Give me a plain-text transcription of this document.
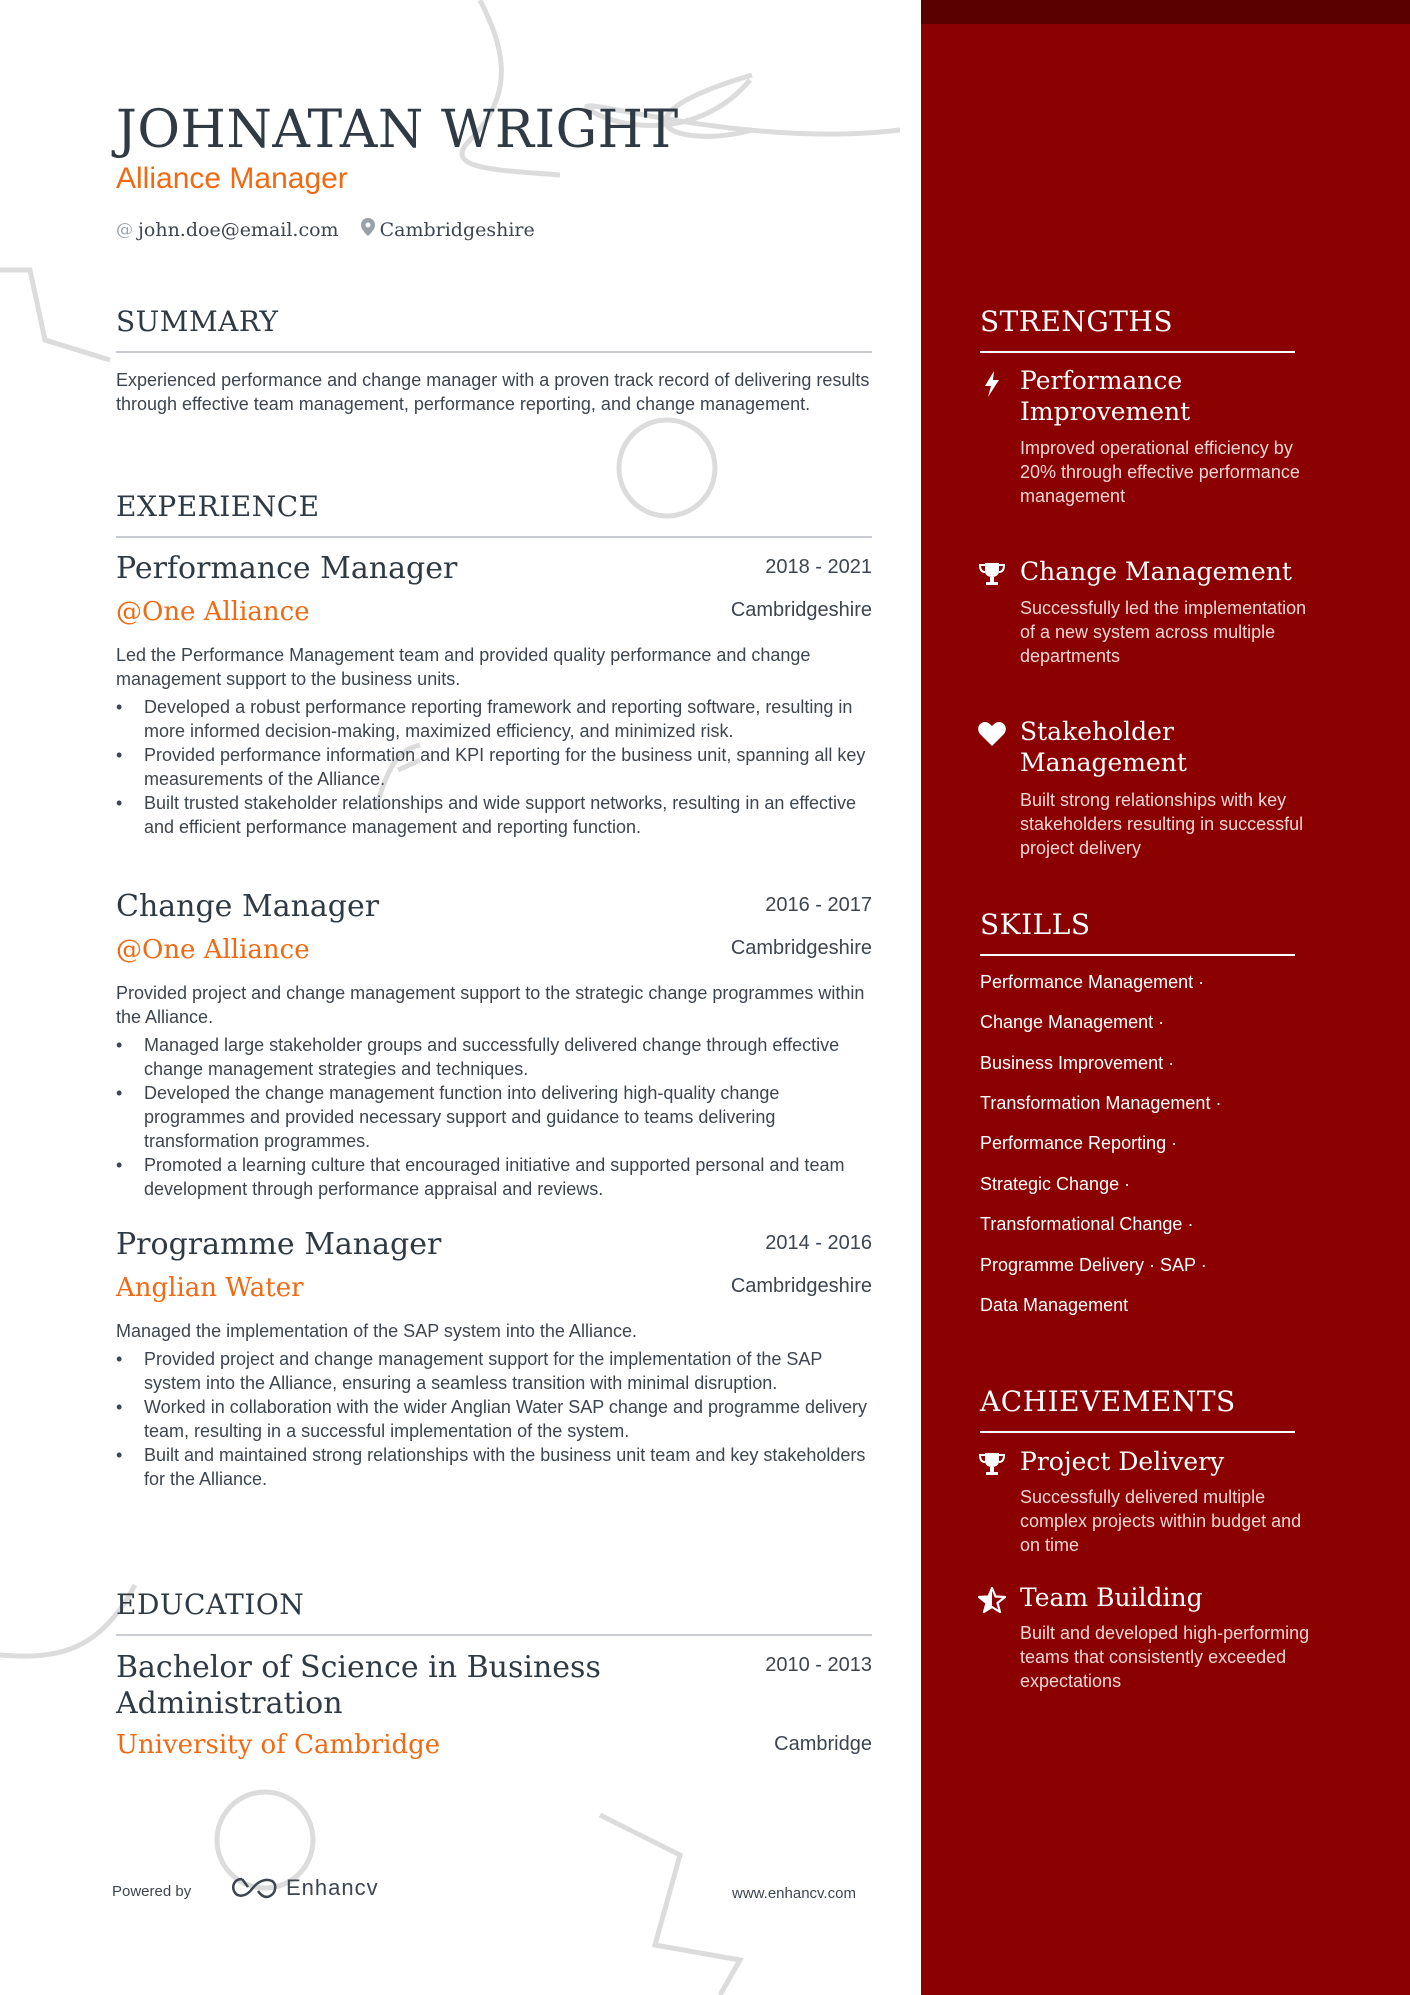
JOHNATAN WRIGHT
Alliance Manager
@ john.doe@email.com Cambridgeshire
SUMMARY
Experienced performance and change manager with a proven track record of delivering results through effective team management, performance reporting, and change management.
EXPERIENCE
Performance Manager	2018 - 2021
@One Alliance	Cambridgeshire
Led the Performance Management team and provided quality performance and change management support to the business units.
• Developed a robust performance reporting framework and reporting software, resulting in more informed decision-making, maximized efficiency, and minimized risk.
• Provided performance information and KPI reporting for the business unit, spanning all key measurements of the Alliance.
• Built trusted stakeholder relationships and wide support networks, resulting in an effective and efficient performance management and reporting function.
Change Manager	2016 - 2017
@One Alliance	Cambridgeshire
Provided project and change management support to the strategic change programmes within the Alliance.
• Managed large stakeholder groups and successfully delivered change through effective change management strategies and techniques.
• Developed the change management function into delivering high-quality change programmes and provided necessary support and guidance to teams delivering transformation programmes.
• Promoted a learning culture that encouraged initiative and supported personal and team development through performance appraisal and reviews.
Programme Manager	2014 - 2016
Anglian Water	Cambridgeshire
Managed the implementation of the SAP system into the Alliance.
• Provided project and change management support for the implementation of the SAP system into the Alliance, ensuring a seamless transition with minimal disruption.
• Worked in collaboration with the wider Anglian Water SAP change and programme delivery team, resulting in a successful implementation of the system.
• Built and maintained strong relationships with the business unit team and key stakeholders for the Alliance.
EDUCATION
Bachelor of Science in Business Administration
2010 - 2013
University of Cambridge	Cambridge
Powered by	Enhancv	www.enhancv.com
STRENGTHS
Performance Improvement
Improved operational efficiency by 20% through effective performance management
Change Management
Successfully led the implementation of a new system across multiple departments
Stakeholder Management
Built strong relationships with key stakeholders resulting in successful project delivery
SKILLS
Performance Management ·
Change Management ·
Business Improvement ·
Transformation Management ·
Performance Reporting ·
Strategic Change ·
Transformational Change ·
Programme Delivery · SAP ·
Data Management
ACHIEVEMENTS
Project Delivery
Successfully delivered multiple complex projects within budget and on time
Team Building
Built and developed high-performing teams that consistently exceeded expectations
